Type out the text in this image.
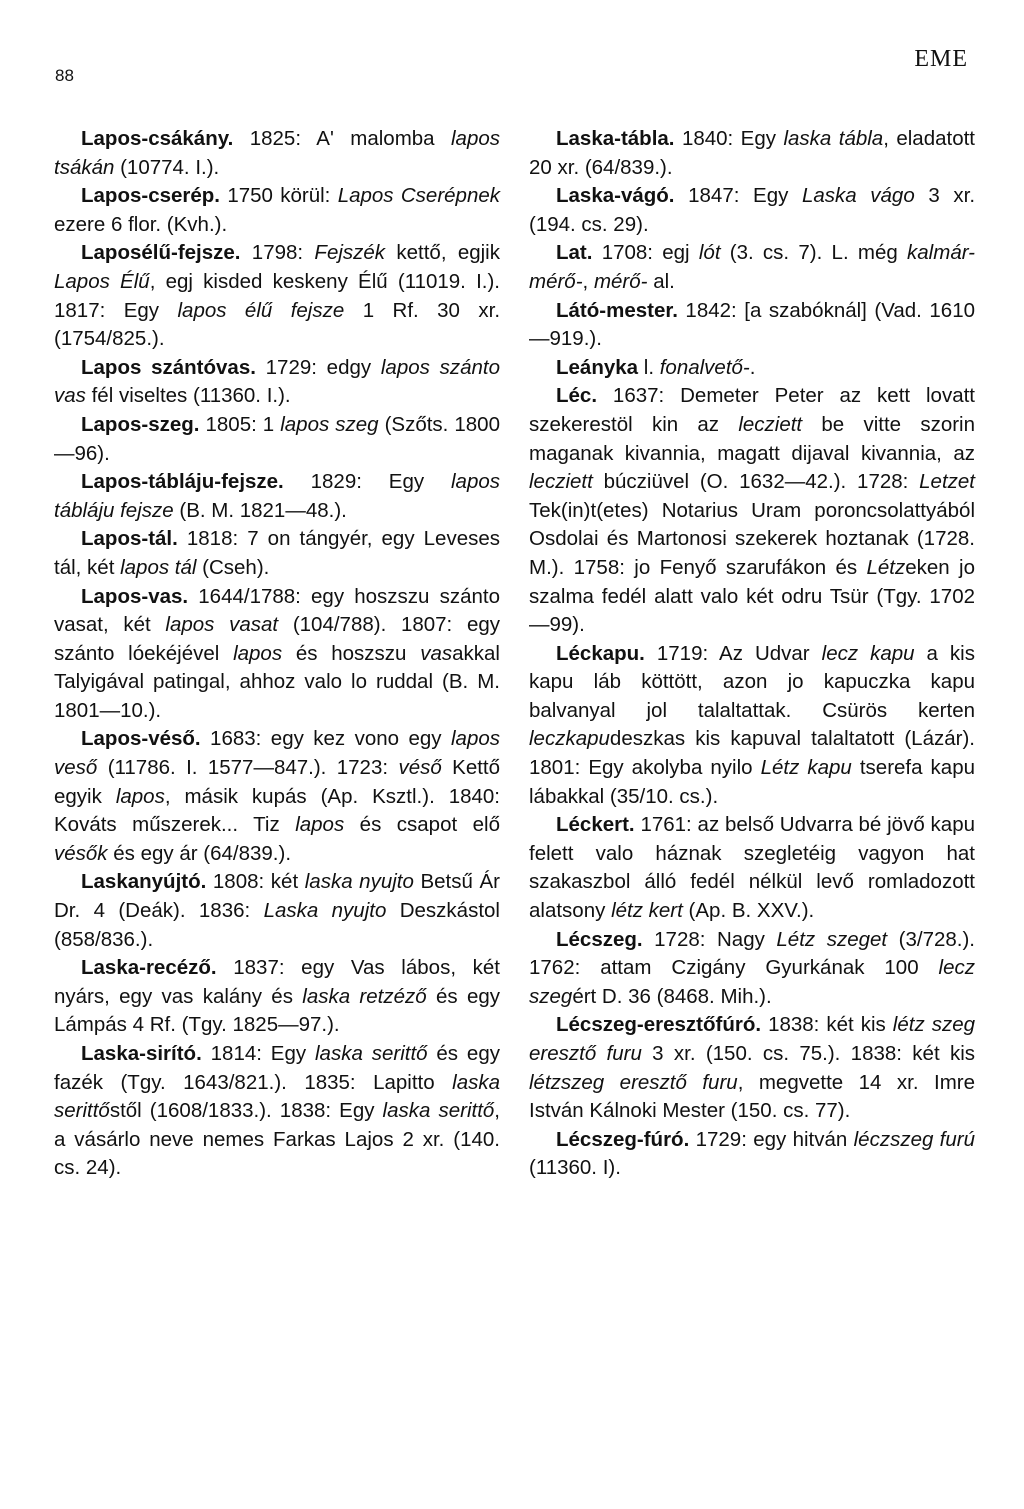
88
EME

Lapos-csákány. 1825: A' malomba lapos tsákán (10774. I.).

Lapos-cserép. 1750 körül: Lapos Cserépnek ezere 6 flor. (Kvh.).

Laposélű-fejsze. 1798: Fejszék kettő, egjik Lapos Élű, egj kisded keskeny Élű (11019. I.). 1817: Egy lapos élű fejsze 1 Rf. 30 xr. (1754/825.).

Lapos szántóvas. 1729: edgy lapos szánto vas fél viseltes (11360. I.).

Lapos-szeg. 1805: 1 lapos szeg (Szőts. 1800—96).

Lapos-tábláju-fejsze. 1829: Egy lapos tábláju fejsze (B. M. 1821—48.).

Lapos-tál. 1818: 7 on tángyér, egy Leveses tál, két lapos tál (Cseh).

Lapos-vas. 1644/1788: egy hoszszu szánto vasat, két lapos vasat (104/788). 1807: egy szánto lóekéjével lapos és hoszszu vasakkal Talyigával patingal, ahhoz valo lo ruddal (B. M. 1801—10.).

Lapos-véső. 1683: egy kez vono egy lapos veső (11786. I. 1577—847.). 1723: véső Kettő egyik lapos, másik kupás (Ap. Ksztl.). 1840: Kováts műszerek... Tiz lapos és csapot elő vésők és egy ár (64/839.).

Laskanyújtó. 1808: két laska nyujto Betsű Ár Dr. 4 (Deák). 1836: Laska nyujto Deszkástol (858/836.).

Laska-recéző. 1837: egy Vas lábos, két nyárs, egy vas kalány és laska retzéző és egy Lámpás 4 Rf. (Tgy. 1825—97.).

Laska-sirító. 1814: Egy laska serittő és egy fazék (Tgy. 1643/821.). 1835: Lapitto laska serittőstől (1608/1833.). 1838: Egy laska serittő, a vásárlo neve nemes Farkas Lajos 2 xr. (140. cs. 24).

Laska-tábla. 1840: Egy laska tábla, eladatott 20 xr. (64/839.).

Laska-vágó. 1847: Egy Laska vágo 3 xr. (194. cs. 29).

Lat. 1708: egj lót (3. cs. 7). L. még kalmár-mérő-, mérő- al.

Látó-mester. 1842: [a szabóknál] (Vad. 1610—919.).

Leányka l. fonalvető-.

Léc. 1637: Demeter Peter az kett lovatt szekerestöl kin az lecziett be vitte szorin maganak kivannia, magatt dijaval kivannia, az lecziett búcziüvel (O. 1632—42.). 1728: Letzet Tek(in)t(etes) Notarius Uram poroncsolattyából Osdolai és Martonosi szekerek hoztanak (1728. M.). 1758: jo Fenyő szarufákon és Létzeken jo szalma fedél alatt valo két odru Tsür (Tgy. 1702—99).

Léckapu. 1719: Az Udvar lecz kapu a kis kapu láb köttött, azon jo kapuczka kapu balvanyal jol talaltattak. Csürös kerten leczkapudeszkas kis kapuval talaltatott (Lázár). 1801: Egy akolyba nyilo Létz kapu tserefa kapu lábakkal (35/10. cs.).

Léckert. 1761: az belső Udvarra bé jövő kapu felett valo háznak szegletéig vagyon hat szakaszbol álló fedél nélkül levő romladozott alatsony létz kert (Ap. B. XXV.).

Lécszeg. 1728: Nagy Létz szeget (3/728.). 1762: attam Czigány Gyurkának 100 lecz szegért D. 36 (8468. Mih.).

Lécszeg-eresztőfúró. 1838: két kis létz szeg eresztő furu 3 xr. (150. cs. 75.). 1838: két kis létzszeg eresztő furu, megvette 14 xr. Imre István Kálnoki Mester (150. cs. 77).

Lécszeg-fúró. 1729: egy hitván léczszeg furú (11360. I).
